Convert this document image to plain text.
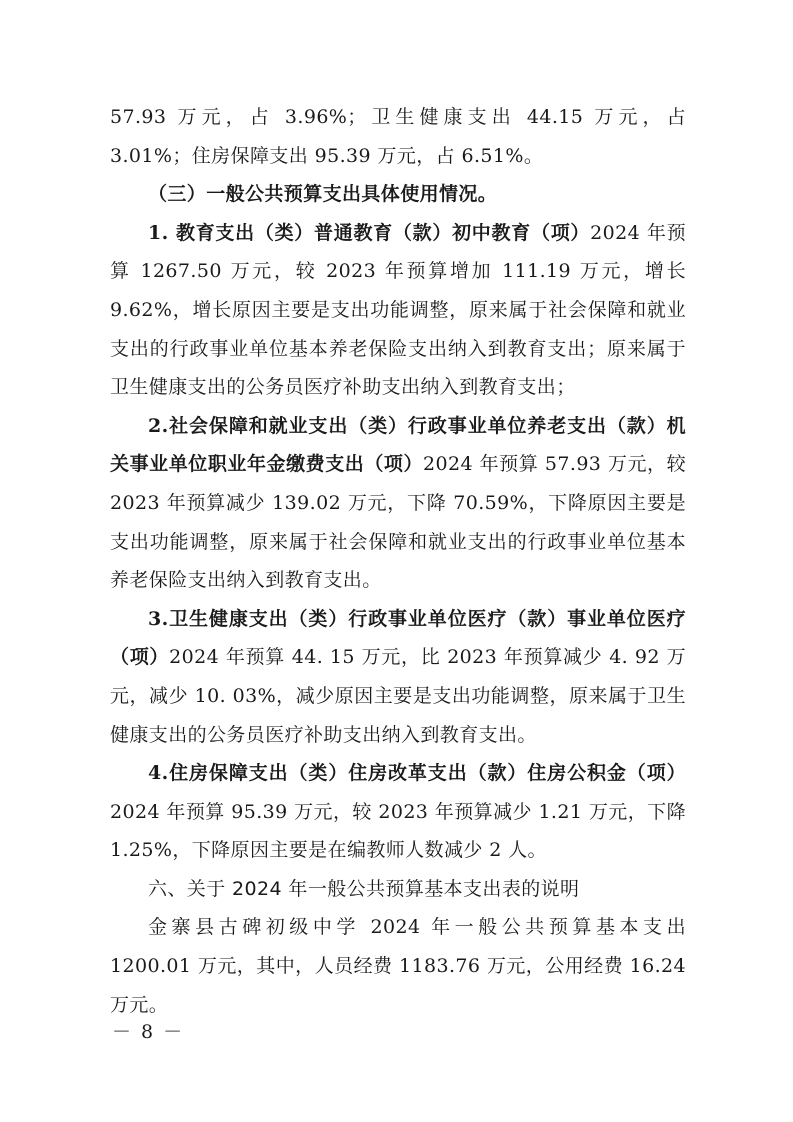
57.93 万元，占 3.96%；卫生健康支出 44.15 万元，占 3.01%；住房保障支出 95.39 万元，占 6.51%。

（三）一般公共预算支出具体使用情况。

1. 教育支出（类）普通教育（款）初中教育（项）2024 年预算 1267.50 万元，较 2023 年预算增加 111.19 万元，增长 9.62%，增长原因主要是支出功能调整，原来属于社会保障和就业支出的行政事业单位基本养老保险支出纳入到教育支出；原来属于卫生健康支出的公务员医疗补助支出纳入到教育支出；

2.社会保障和就业支出（类）行政事业单位养老支出（款）机关事业单位职业年金缴费支出（项）2024 年预算 57.93 万元，较 2023 年预算减少 139.02 万元，下降 70.59%，下降原因主要是支出功能调整，原来属于社会保障和就业支出的行政事业单位基本养老保险支出纳入到教育支出。

3.卫生健康支出（类）行政事业单位医疗（款）事业单位医疗（项）2024 年预算 44. 15 万元，比 2023 年预算减少 4. 92 万元，减少 10. 03%，减少原因主要是支出功能调整，原来属于卫生健康支出的公务员医疗补助支出纳入到教育支出。

4.住房保障支出（类）住房改革支出（款）住房公积金（项）2024 年预算 95.39 万元，较 2023 年预算减少 1.21 万元，下降 1.25%，下降原因主要是在编教师人数减少 2 人。

六、关于 2024 年一般公共预算基本支出表的说明

金寨县古碑初级中学 2024 年一般公共预算基本支出 1200.01 万元，其中，人员经费 1183.76 万元，公用经费 16.24 万元。

－ 8 －
